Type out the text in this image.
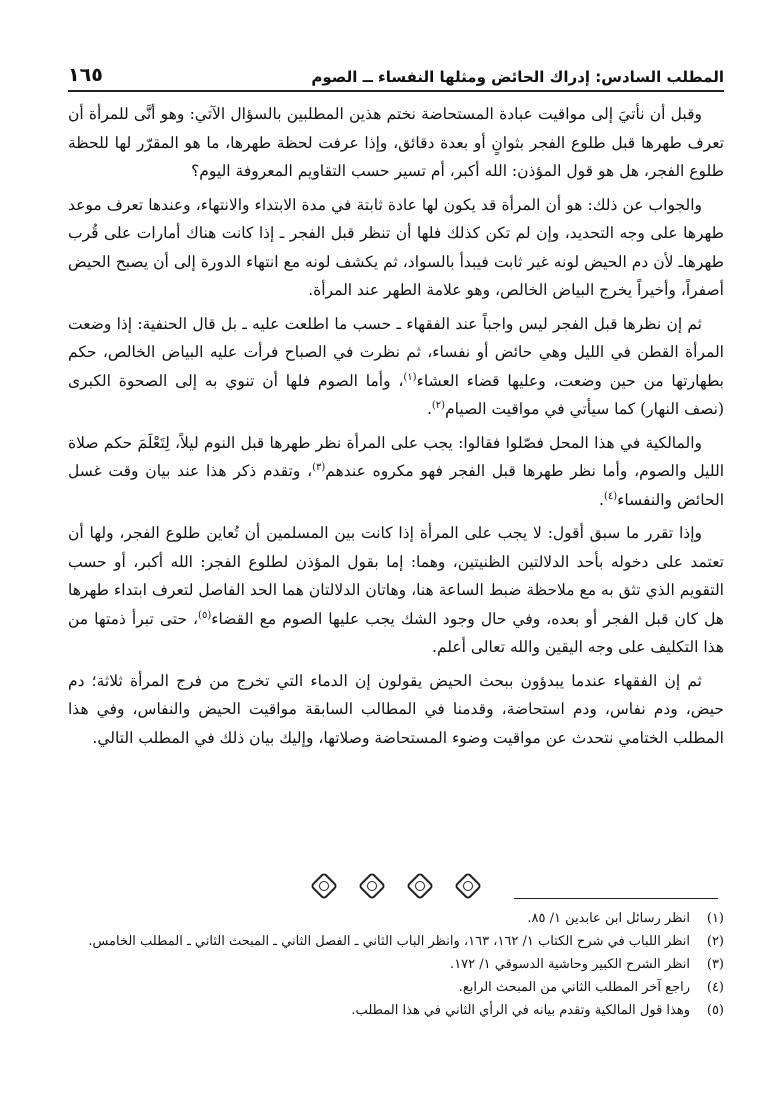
المطلب السادس: إدراك الحائض ومثلها النفساء ــ الصوم
١٦٥

وقبل أن نأتيَ إلى مواقيت عبادة المستحاضة نختم هذين المطلبين بالسؤال الآتي: وهو أنَّى للمرأة أن تعرف طهرها قبل طلوع الفجر بثوانٍ أو بعدة دقائق، وإذا عرفت لحظة طهرها، ما هو المقرّر لها للحظة طلوع الفجر، هل هو قول المؤذن: الله أكبر، أم تسير حسب التقاويم المعروفة اليوم؟

والجواب عن ذلك: هو أن المرأة قد يكون لها عادة ثابتة في مدة الابتداء والانتهاء، وعندها تعرف موعد طهرها على وجه التحديد، وإن لم تكن كذلك فلها أن تنظر قبل الفجر ـ إذا كانت هناك أمارات على قُرب طهرهاـ لأن دم الحيض لونه غير ثابت فيبدأ بالسواد، ثم يكشف لونه مع انتهاء الدورة إلى أن يصبح الحيض أصفراً، وأخيراً يخرج البياض الخالص، وهو علامة الطهر عند المرأة.

ثم إن نظرها قبل الفجر ليس واجباً عند الفقهاء ـ حسب ما اطلعت عليه ـ بل قال الحنفية: إذا وضعت المرأة القطن في الليل وهي حائض أو نفساء، ثم نظرت في الصباح فرأت عليه البياض الخالص، حكم بطهارتها من حين وضعت، وعليها قضاء العشاء$^{(١)}$، وأما الصوم فلها أن تنوي به إلى الصحوة الكبرى (نصف النهار) كما سيأتي في مواقيت الصيام$^{(٢)}$.

والمالكية في هذا المحل فصّلوا فقالوا: يجب على المرأة نظر طهرها قبل النوم ليلاً، لِتَعْلَمَ حكم صلاة الليل والصوم، وأما نظر طهرها قبل الفجر فهو مكروه عندهم$^{(٣)}$، وتقدم ذكر هذا عند بيان وقت غسل الحائض والنفساء$^{(٤)}$.

وإذا تقرر ما سبق أقول: لا يجب على المرأة إذا كانت بين المسلمين أن تُعاين طلوع الفجر، ولها أن تعتمد على دخوله بأحد الدلالتين الظنيتين، وهما: إما بقول المؤذن لطلوع الفجر: الله أكبر، أو حسب التقويم الذي تثق به مع ملاحظة ضبط الساعة هنا، وهاتان الدلالتان هما الحد الفاصل لتعرف ابتداء طهرها هل كان قبل الفجر أو بعده، وفي حال وجود الشك يجب عليها الصوم مع القضاء$^{(٥)}$، حتى تبرأ ذمتها من هذا التكليف على وجه اليقين والله تعالى أعلم.

ثم إن الفقهاء عندما يبدؤون ببحث الحيض يقولون إن الدماء التي تخرج من فرج المرأة ثلاثة؛ دم حيض، ودم نفاس، ودم استحاضة، وقدمنا في المطالب السابقة مواقيت الحيض والنفاس، وفي هذا المطلب الختامي نتحدث عن مواقيت وضوء المستحاضة وصلاتها، وإليك بيان ذلك في المطلب التالي.

(١)
انظر رسائل ابن عابدين ١/ ٨٥.
(٢)
انظر اللباب في شرح الكتاب ١/ ١٦٢، ١٦٣، وانظر الباب الثاني ـ الفصل الثاني ـ المبحث الثاني ـ المطلب الخامس.
(٣)
انظر الشرح الكبير وحاشية الدسوقي ١/ ١٧٢.
(٤)
راجع آخر المطلب الثاني من المبحث الرابع.
(٥)
وهذا قول المالكية وتقدم بيانه في الرأي الثاني في هذا المطلب.
